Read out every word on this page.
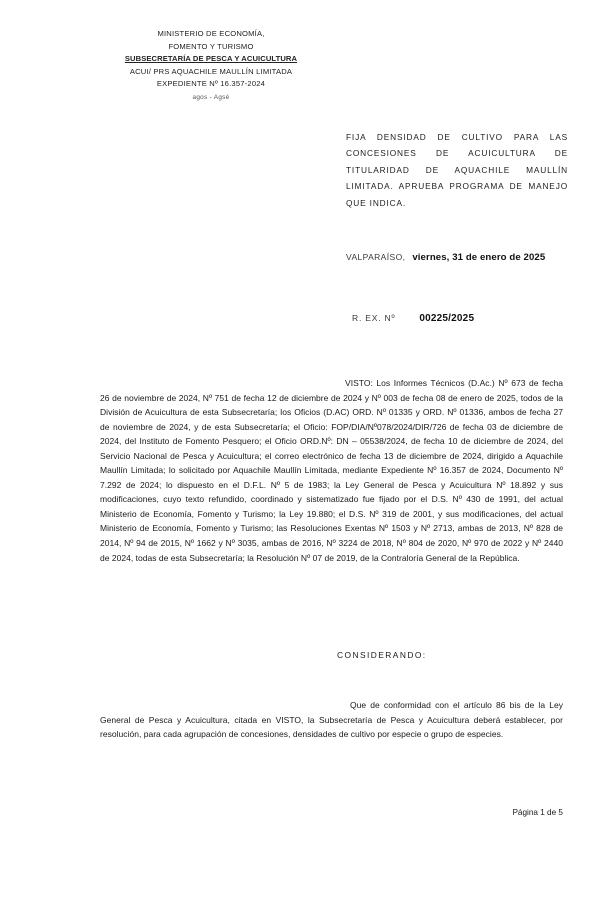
MINISTERIO DE ECONOMÍA,
FOMENTO Y TURISMO
SUBSECRETARÍA DE PESCA Y ACUICULTURA
ACUI/ PRS AQUACHILE MAULLÍN LIMITADA
EXPEDIENTE Nº 16.357-2024
agos - Agsé
FIJA DENSIDAD DE CULTIVO PARA LAS CONCESIONES DE ACUICULTURA DE TITULARIDAD DE AQUACHILE MAULLÍN LIMITADA. APRUEBA PROGRAMA DE MANEJO QUE INDICA.
VALPARAÍSO, viernes, 31 de enero de 2025
R. EX. Nº 00225/2025

VISTO: Los Informes Técnicos (D.Ac.) Nº 673 de fecha 26 de noviembre de 2024, Nº 751 de fecha 12 de diciembre de 2024 y Nº 003 de fecha 08 de enero de 2025, todos de la División de Acuicultura de esta Subsecretaría; los Oficios (D.AC) ORD. Nº 01335 y ORD. Nº 01336, ambos de fecha 27 de noviembre de 2024, y de esta Subsecretaría; el Oficio: FOP/DIA/Nº078/2024/DIR/726 de fecha 03 de diciembre de 2024, del Instituto de Fomento Pesquero; el Oficio ORD.Nº: DN – 05538/2024, de fecha 10 de diciembre de 2024, del Servicio Nacional de Pesca y Acuicultura; el correo electrónico de fecha 13 de diciembre de 2024, dirigido a Aquachile Maullín Limitada; lo solicitado por Aquachile Maullín Limitada, mediante Expediente Nº 16.357 de 2024, Documento Nº 7.292 de 2024; lo dispuesto en el D.F.L. Nº 5 de 1983; la Ley General de Pesca y Acuicultura Nº 18.892 y sus modificaciones, cuyo texto refundido, coordinado y sistematizado fue fijado por el D.S. Nº 430 de 1991, del actual Ministerio de Economía, Fomento y Turismo; la Ley 19.880; el D.S. Nº 319 de 2001, y sus modificaciones, del actual Ministerio de Economía, Fomento y Turismo; las Resoluciones Exentas Nº 1503 y Nº 2713, ambas de 2013, Nº 828 de 2014, Nº 94 de 2015, Nº 1662 y Nº 3035, ambas de 2016, Nº 3224 de 2018, Nº 804 de 2020, Nº 970 de 2022 y Nº 2440 de 2024, todas de esta Subsecretaría; la Resolución Nº 07 de 2019, de la Contraloría General de la República.

CONSIDERANDO:

Que de conformidad con el artículo 86 bis de la Ley General de Pesca y Acuicultura, citada en VISTO, la Subsecretaría de Pesca y Acuicultura deberá establecer, por resolución, para cada agrupación de concesiones, densidades de cultivo por especie o grupo de especies.

Página 1 de 5
